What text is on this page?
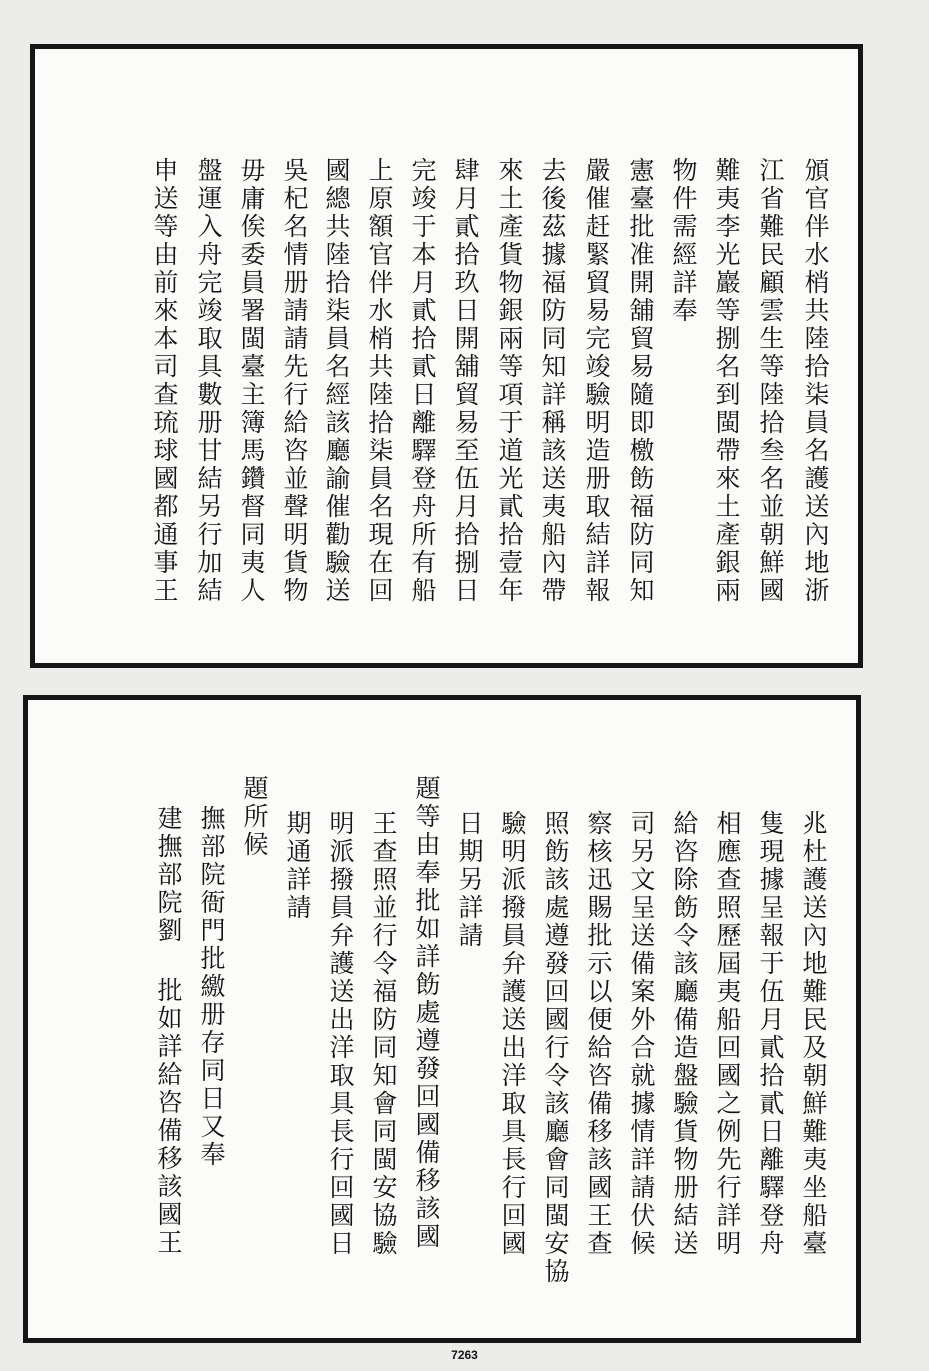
頒官伴水梢共陸拾柒員名護送內地浙
江省難民顧雲生等陸拾叁名並朝鮮國
難夷李光巖等捌名到閩帶來土產銀兩
物件需經詳奉
憲臺批准開舖貿易隨即檄飭福防同知
嚴催赶緊貿易完竣驗明造册取結詳報
去後茲據福防同知詳稱該送夷船內帶
來土產貨物銀兩等項于道光貳拾壹年
肆月貳拾玖日開舖貿易至伍月拾捌日
完竣于本月貳拾貳日離驛登舟所有船
上原額官伴水梢共陸拾柒員名現在回
國總共陸拾柒員名經該廳諭催勸驗送
吳杞名情册請請先行給咨並聲明貨物
毋庸俟委員署閩臺主簿馬鑽督同夷人
盤運入舟完竣取具數册甘結另行加結
申送等由前來本司查琉球國都通事王
兆杜護送內地難民及朝鮮難夷坐船臺
隻現據呈報于伍月貳拾貳日離驛登舟
相應查照歷屆夷船回國之例先行詳明
給咨除飭令該廳備造盤驗貨物册結送
司另文呈送備案外合就據情詳請伏候
察核迅賜批示以便給咨備移該國王查
照飭該處遵發回國行令該廳會同閩安協
驗明派撥員弁護送出洋取具長行回國
日期另詳請
題等由奉批如詳飭處遵發回國備移該國
王查照並行令福防同知會同閩安協驗
明派撥員弁護送出洋取具長行回國日
期通詳請
題所候
撫部院衙門批繳册存同日又奉
建撫部院劉 批如詳給咨備移該國王
7263
